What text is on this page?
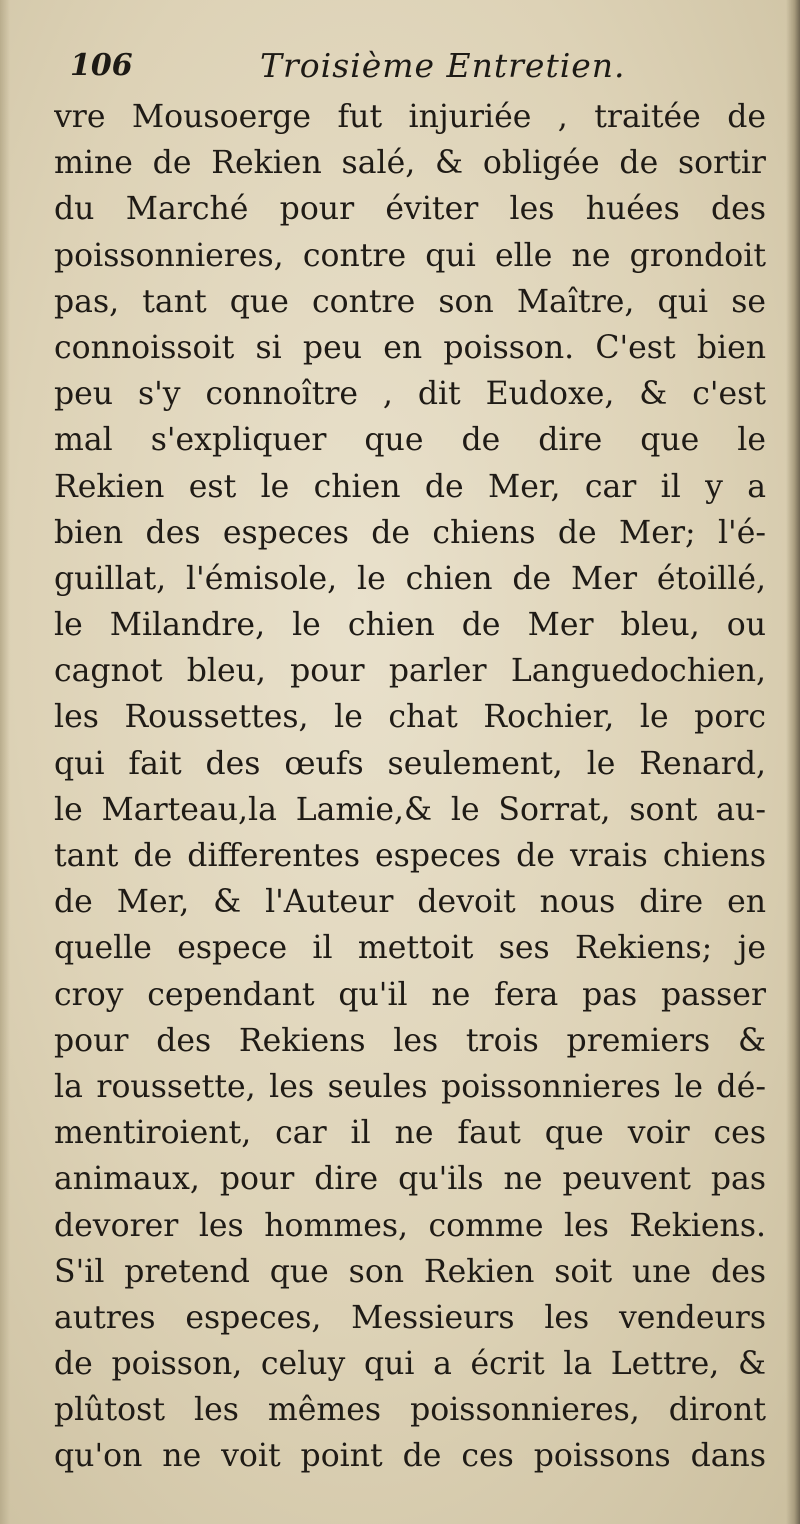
106	Troisième Entretien.
vre Mousoerge fut injuriée , traitée de
mine de Rekien salé, & obligée de sortir
du Marché pour éviter les huées des
poissonnieres, contre qui elle ne grondoit
pas, tant que contre son Maître, qui se
connoissoit si peu en poisson. C'est bien
peu s'y connoître , dit Eudoxe, & c'est
mal s'expliquer que de dire que le
Rekien est le chien de Mer, car il y a
bien des especes de chiens de Mer; l'é-
guillat, l'émisole, le chien de Mer étoillé,
le Milandre, le chien de Mer bleu, ou
cagnot bleu, pour parler Languedochien,
les Roussettes, le chat Rochier, le porc
qui fait des œufs seulement, le Renard,
le Marteau,la Lamie,& le Sorrat, sont au-
tant de differentes especes de vrais chiens
de Mer, & l'Auteur devoit nous dire en
quelle espece il mettoit ses Rekiens; je
croy cependant qu'il ne fera pas passer
pour des Rekiens les trois premiers &
la roussette, les seules poissonnieres le dé-
mentiroient, car il ne faut que voir ces
animaux, pour dire qu'ils ne peuvent pas
devorer les hommes, comme les Rekiens.
S'il pretend que son Rekien soit une des
autres especes, Messieurs les vendeurs
de poisson, celuy qui a écrit la Lettre, &
plûtost les mêmes poissonnieres, diront
qu'on ne voit point de ces poissons dans
